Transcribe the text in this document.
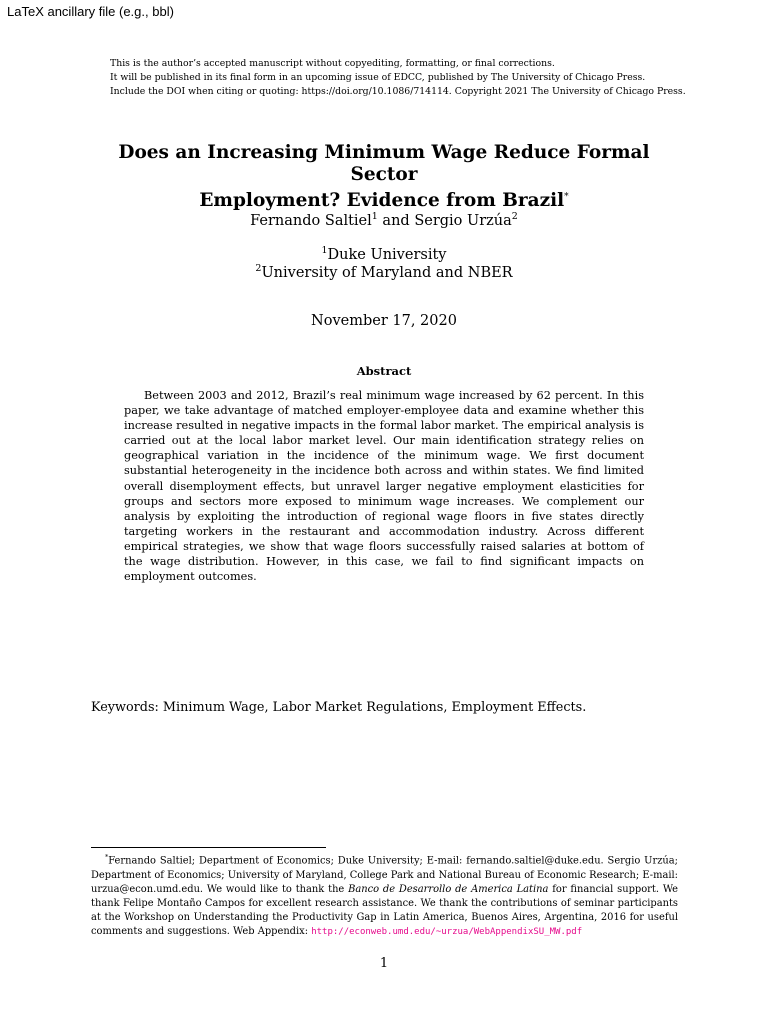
LaTeX ancillary file (e.g., bbl)
This is the author’s accepted manuscript without copyediting, formatting, or final corrections.
It will be published in its final form in an upcoming issue of EDCC, published by The University of Chicago Press.
Include the DOI when citing or quoting: https://doi.org/10.1086/714114. Copyright 2021 The University of Chicago Press.
Does an Increasing Minimum Wage Reduce Formal Sector
Employment? Evidence from Brazil*
Fernando Saltiel$^1$ and Sergio Urzúa$^2$
$^1$Duke University
$^2$University of Maryland and NBER
November 17, 2020
Abstract

Between 2003 and 2012, Brazil’s real minimum wage increased by 62 percent. In this paper, we take advantage of matched employer-employee data and examine whether this increase resulted in negative impacts in the formal labor market. The empirical analysis is carried out at the local labor market level. Our main identification strategy relies on geographical variation in the incidence of the minimum wage. We first document substantial heterogeneity in the incidence both across and within states. We find limited overall disemployment effects, but unravel larger negative employment elasticities for groups and sectors more exposed to minimum wage increases. We complement our analysis by exploiting the introduction of regional wage floors in five states directly targeting workers in the restaurant and accommodation industry. Across different empirical strategies, we show that wage floors successfully raised salaries at bottom of the wage distribution. However, in this case, we fail to find significant impacts on employment outcomes.

Keywords: Minimum Wage, Labor Market Regulations, Employment Effects.

*Fernando Saltiel; Department of Economics; Duke University; E-mail: fernando.saltiel@duke.edu. Sergio Urzúa; Department of Economics; University of Maryland, College Park and National Bureau of Economic Research; E-mail: urzua@econ.umd.edu. We would like to thank the Banco de Desarrollo de America Latina for financial support. We thank Felipe Montaño Campos for excellent research assistance. We thank the contributions of seminar participants at the Workshop on Understanding the Productivity Gap in Latin America, Buenos Aires, Argentina, 2016 for useful comments and suggestions. Web Appendix: http://econweb.umd.edu/~urzua/WebAppendixSU_MW.pdf

1
